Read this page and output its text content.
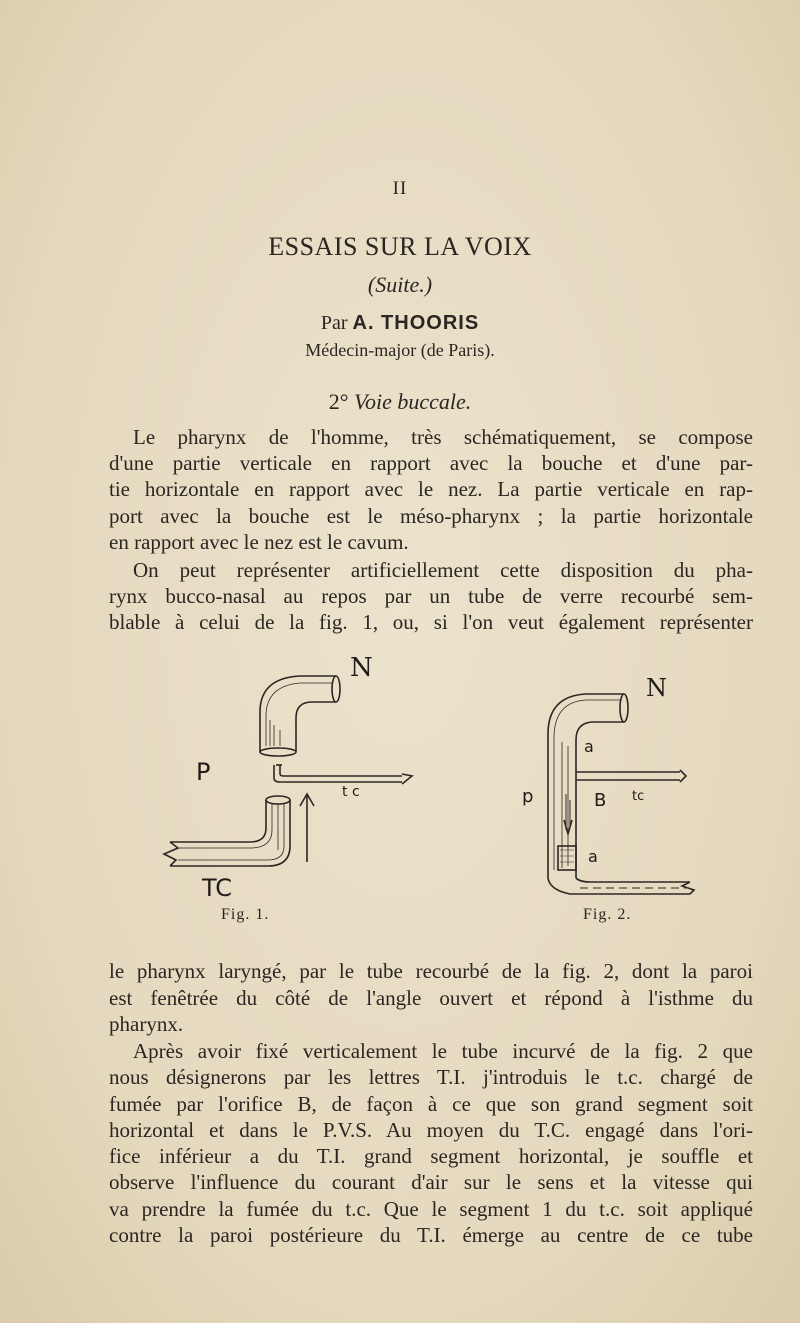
II
ESSAIS SUR LA VOIX
(Suite.)
Par A. THOORIS
Médecin-major (de Paris).
2° Voie buccale.
Le pharynx de l'homme, très schématiquement, se compose
d'une partie verticale en rapport avec la bouche et d'une par-
tie horizontale en rapport avec le nez. La partie verticale en rap-
port avec la bouche est le méso-pharynx ; la partie horizontale
en rapport avec le nez est le cavum.
On peut représenter artificiellement cette disposition du pha-
rynx bucco-nasal au repos par un tube de verre recourbé sem-
blable à celui de la fig. 1, ou, si l'on veut également représenter
N
P
t c
TC
N
p
a
B tc
a
Fig. 1.	Fig. 2.
le pharynx laryngé, par le tube recourbé de la fig. 2, dont la paroi
est fenêtrée du côté de l'angle ouvert et répond à l'isthme du
pharynx.
Après avoir fixé verticalement le tube incurvé de la fig. 2 que
nous désignerons par les lettres T.I. j'introduis le t.c. chargé de
fumée par l'orifice B, de façon à ce que son grand segment soit
horizontal et dans le P.V.S. Au moyen du T.C. engagé dans l'ori-
fice inférieur a du T.I. grand segment horizontal, je souffle et
observe l'influence du courant d'air sur le sens et la vitesse qui
va prendre la fumée du t.c. Que le segment 1 du t.c. soit appliqué
contre la paroi postérieure du T.I. émerge au centre de ce tube
